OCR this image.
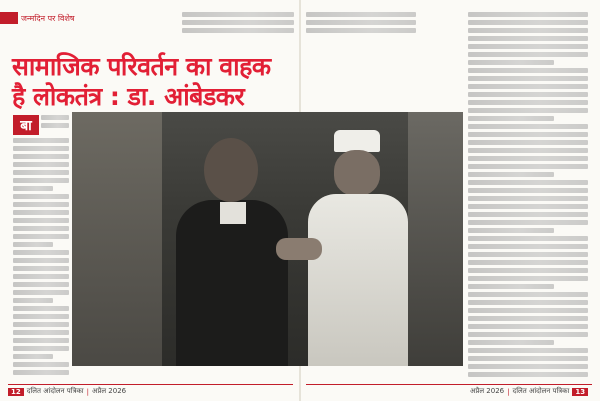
जन्मदिन पर विशेष
सामाजिक परिवर्तन का वाहक
है लोकतंत्र : डा. आंबेडकर
बा
12 दलित आंदोलन पत्रिका | अप्रैल 2026	अप्रैल 2026 | दलित आंदोलन पत्रिका 13
